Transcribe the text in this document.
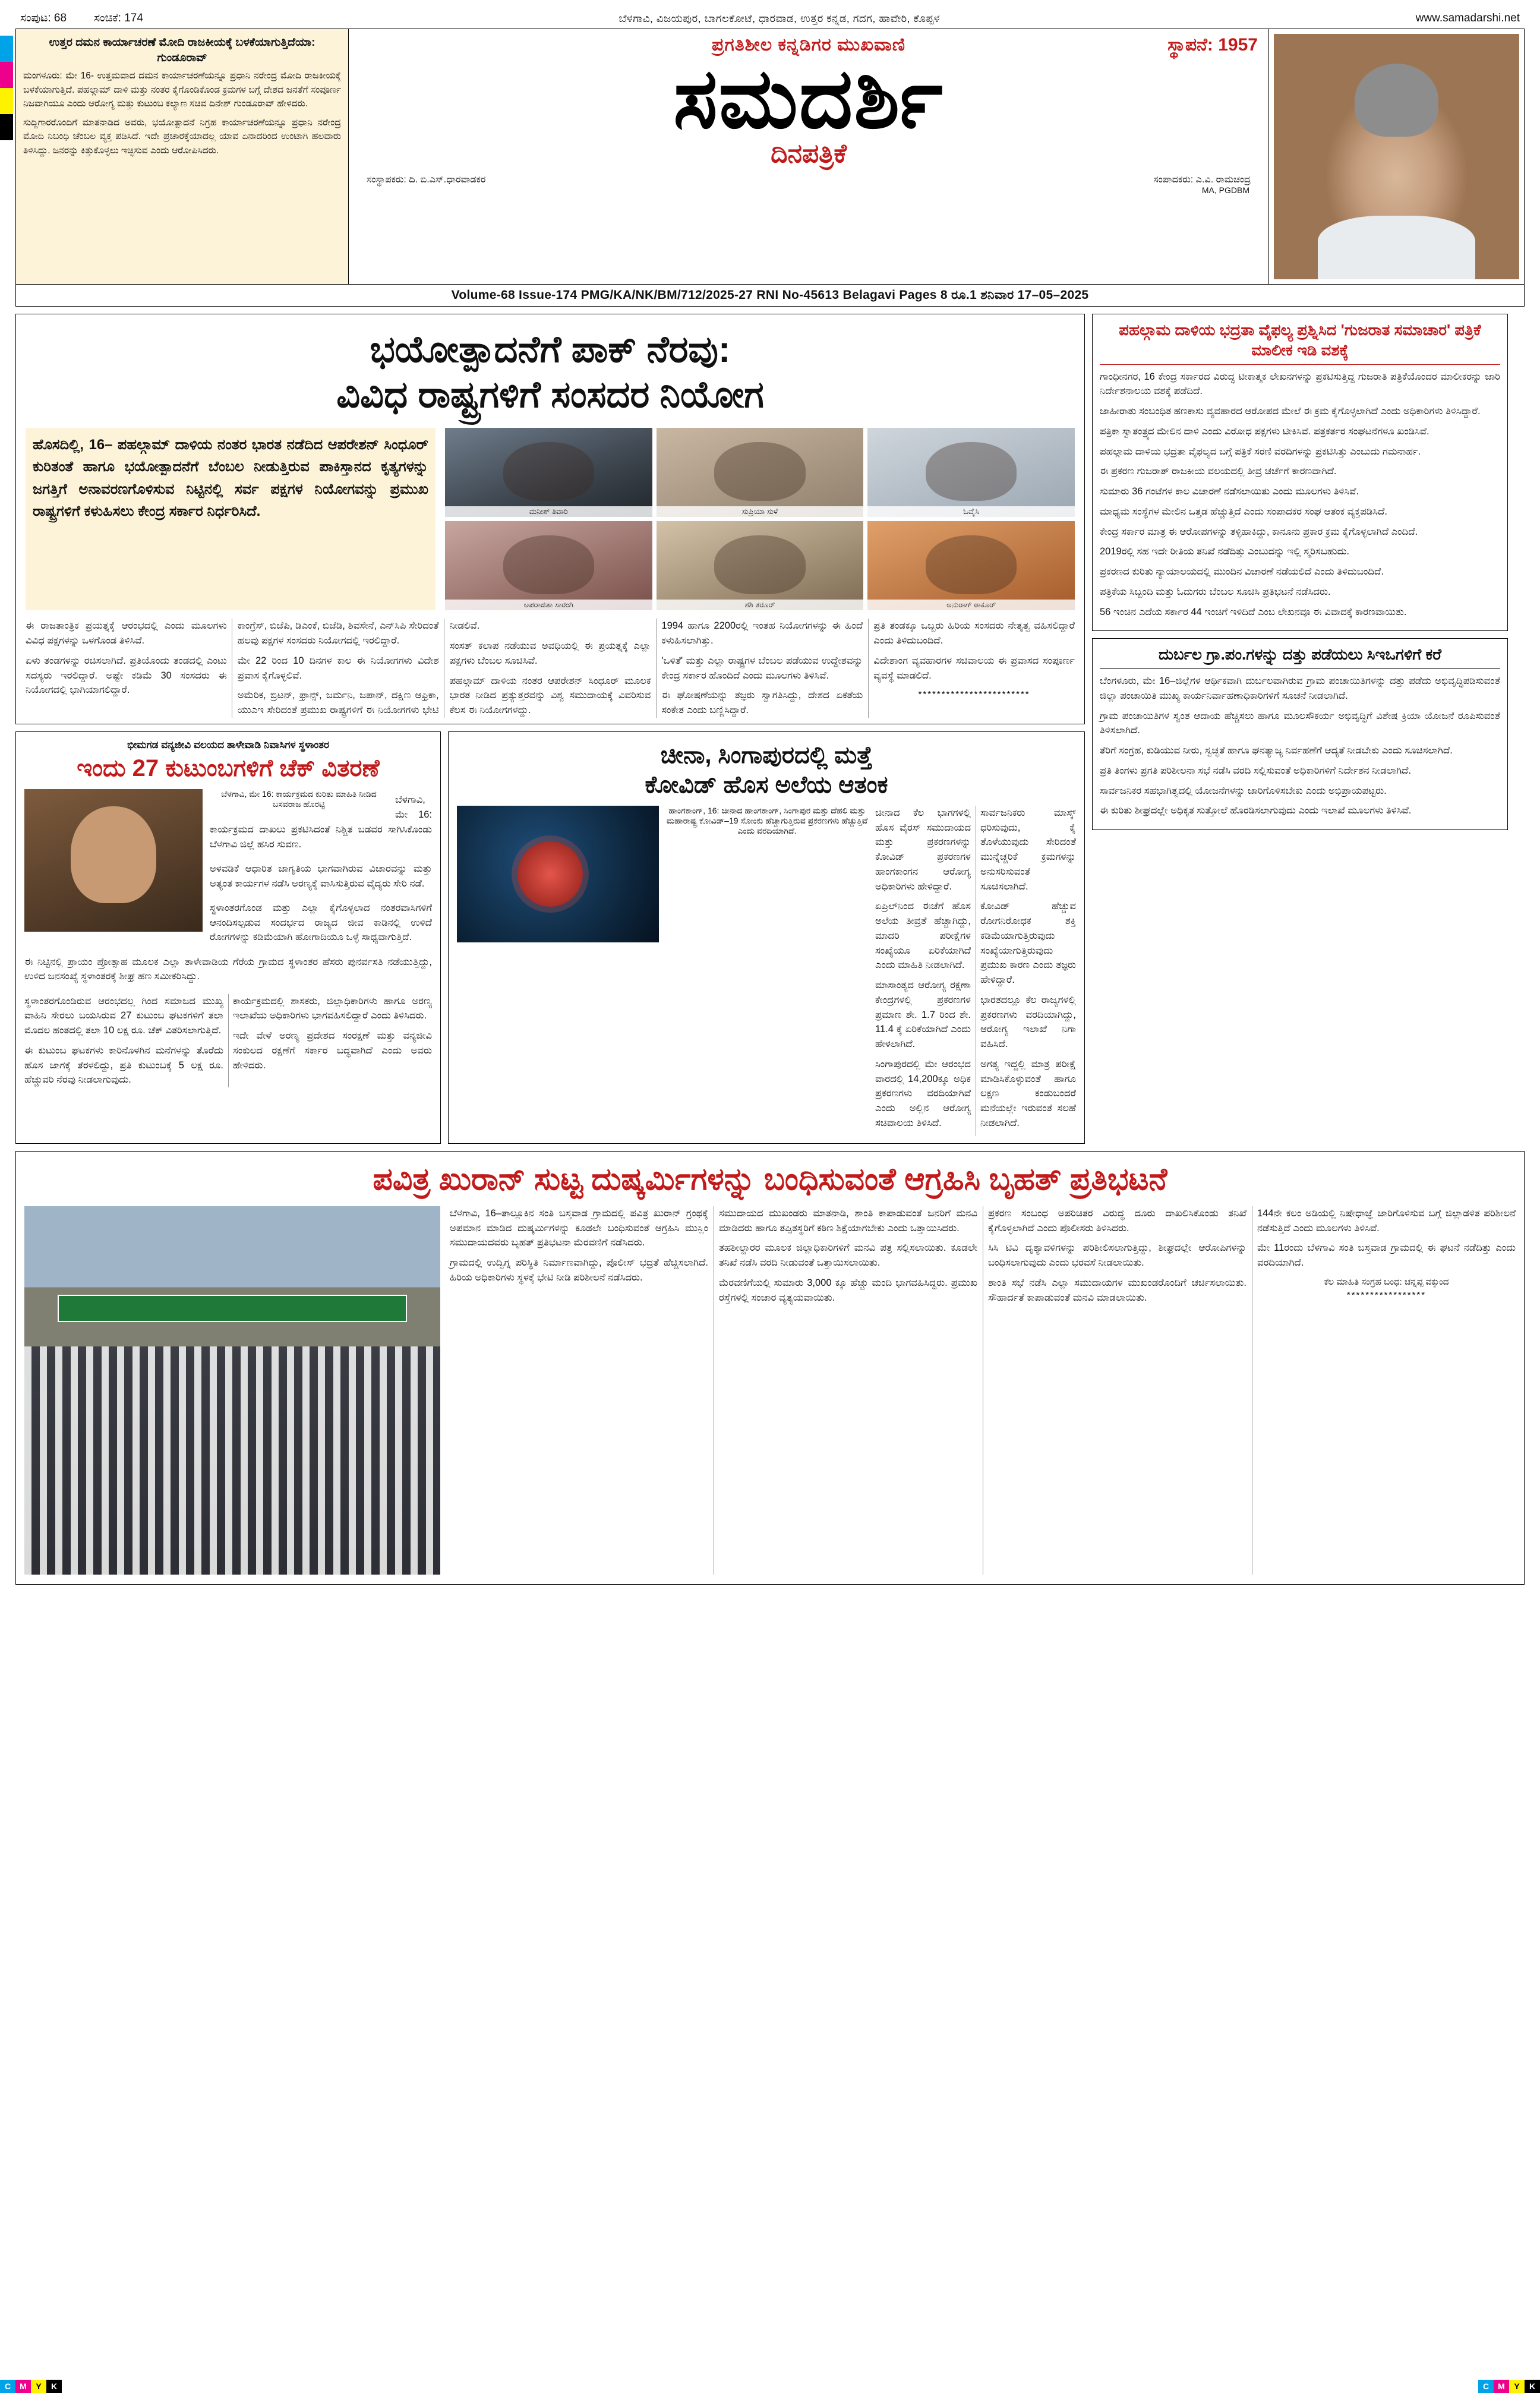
ಸಂಪುಟ: 68 ಸಂಚಿಕೆ: 174	ಬೆಳಗಾವಿ, ವಿಜಯಪುರ, ಬಾಗಲಕೋಟೆ, ಧಾರವಾಡ, ಉತ್ತರ ಕನ್ನಡ, ಗದಗ, ಹಾವೇರಿ, ಕೊಪ್ಪಳ	www.samadarshi.net
ಉತ್ತರ ದಮನ ಕಾರ್ಯಾಚರಣೆ ಮೋದಿ ರಾಜಕೀಯಕ್ಕೆ ಬಳಕೆಯಾಗುತ್ತಿದೆಯಾ: ಗುಂಡೂರಾವ್

ಮಂಗಳೂರು: ಮೇ 16- ಉತ್ತಮವಾದ ದಮನ ಕಾರ್ಯಾಚರಣೆಯನ್ನೂ ಪ್ರಧಾನಿ ನರೇಂದ್ರ ಮೋದಿ ರಾಜಕೀಯಕ್ಕೆ ಬಳಕೆಯಾಗುತ್ತಿದೆ. ಪಹಲ್ಗಾಮ್ ದಾಳಿ ಮತ್ತು ನಂತರ ಕೈಗೊಂಡಿಕೊಂಡ ಕ್ರಮಗಳ ಬಗ್ಗೆ ದೇಶದ ಜನತೆಗೆ ಸಂಪೂರ್ಣ ನಿಜವಾಗಿಯೂ ಎಂದು ಆರೋಗ್ಯ ಮತ್ತು ಕುಟುಂಬ ಕಲ್ಯಾಣ ಸಚಿವ ದಿನೇಶ್ ಗುಂಡೂರಾವ್ ಹೇಳಿದರು.

ಸುದ್ದಿಗಾರರೊಂದಿಗೆ ಮಾತನಾಡಿದ ಅವರು, ಭಯೋತ್ಪಾದನೆ ನಿಗ್ರಹ ಕಾರ್ಯಾಚರಣೆಯನ್ನೂ ಪ್ರಧಾನಿ ನರೇಂದ್ರ ಮೋದಿ ನಿಬಂಧಿ ಚೆಂಬಲ ವ್ಯಕ್ತ ಪಡಿಸಿದೆ. ಇದೇ ಪ್ರಚಾರಕ್ಕೆಯಾದಲ್ಲ ಯಾವ ಏನಾದರಿಂದ ಉಂಟಾಗಿ ಹಲವಾರು ತಿಳಿಸಿದ್ದು. ಜನರನ್ನು ಕಿತ್ತುಕೊಳ್ಳಲು ಇಚ್ಛಿಸುವ ಎಂದು ಆರೋಪಿಸಿದರು.

ಸ್ಥಾಪನೆ: 1957
ಪ್ರಗತಿಶೀಲ ಕನ್ನಡಿಗರ ಮುಖವಾಣಿ
ಸಮದರ್ಶಿ
ದಿನಪತ್ರಿಕೆ
ಸಂಸ್ಥಾಪಕರು: ದಿ. ಬಿ.ಎಸ್.ಧಾರವಾಡಕರ	ಸಂಪಾದಕರು: ಎ.ವಿ. ರಾಮಚಂದ್ರ
MA, PGDBM
Volume-68 Issue-174 PMG/KA/NK/BM/712/2025-27 RNI No-45613 Belagavi Pages 8 ರೂ.1 ಶನಿವಾರ 17–05–2025
ಭಯೋತ್ಪಾದನೆಗೆ ಪಾಕ್ ನೆರವು:
ವಿವಿಧ ರಾಷ್ಟ್ರಗಳಿಗೆ ಸಂಸದರ ನಿಯೋಗ
ಹೊಸದಿಲ್ಲಿ, 16– ಪಹಲ್ಗಾಮ್ ದಾಳಿಯ ನಂತರ ಭಾರತ ನಡೆದಿದ ಆಪರೇಶನ್ ಸಿಂಧೂರ್ ಕುರಿತಂತೆ ಹಾಗೂ ಭಯೋತ್ಪಾದನೆಗೆ ಬೆಂಬಲ ನೀಡುತ್ತಿರುವ ಪಾಕಿಸ್ತಾನದ ಕೃತ್ಯಗಳನ್ನು ಜಗತ್ತಿಗೆ ಅನಾವರಣಗೊಳಿಸುವ ನಿಟ್ಟಿನಲ್ಲಿ ಸರ್ವ ಪಕ್ಷಗಳ ನಿಯೋಗವನ್ನು ಪ್ರಮುಖ ರಾಷ್ಟ್ರಗಳಿಗೆ ಕಳುಹಿಸಲು ಕೇಂದ್ರ ಸರ್ಕಾರ ನಿರ್ಧರಿಸಿದೆ.	ಮನೀಶ್ ತಿವಾರಿ	ಸುಪ್ರಿಯಾ ಸುಳೆ	ಓವೈಸಿ
ಅಪರಾಜಿತಾ ಸಾರಂಗಿ	ಶಶಿ ತರೂರ್	ಅನುರಾಗ್ ಠಾಕೂರ್

ಈ ರಾಜತಾಂತ್ರಿಕ ಪ್ರಯತ್ನಕ್ಕೆ ಆರಂಭದಲ್ಲಿ ಎಂದು ಮೂಲಗಳು ವಿವಿಧ ಪಕ್ಷಗಳನ್ನು ಒಳಗೊಂಡ ತಿಳಿಸಿವೆ.

ಏಳು ತಂಡಗಳನ್ನು ರಚಿಸಲಾಗಿದೆ. ಪ್ರತಿಯೊಂದು ತಂಡದಲ್ಲಿ ಎಂಟು ಸದಸ್ಯರು ಇರಲಿದ್ದಾರೆ. ಅಷ್ಟೇ ಕಡಿಮೆ 30 ಸಂಸದರು ಈ ನಿಯೋಗದಲ್ಲಿ ಭಾಗಿಯಾಗಲಿದ್ದಾರೆ.

ಕಾಂಗ್ರೆಸ್, ಬಿಜೆಪಿ, ಡಿಎಂಕೆ, ಬಿಜೆಡಿ, ಶಿವಸೇನೆ, ಎನ್‌ಸಿಪಿ ಸೇರಿದಂತೆ ಹಲವು ಪಕ್ಷಗಳ ಸಂಸದರು ನಿಯೋಗದಲ್ಲಿ ಇರಲಿದ್ದಾರೆ.

ಮೇ 22 ರಿಂದ 10 ದಿನಗಳ ಕಾಲ ಈ ನಿಯೋಗಗಳು ವಿದೇಶ ಪ್ರವಾಸ ಕೈಗೊಳ್ಳಲಿವೆ.

ಅಮೆರಿಕ, ಬ್ರಿಟನ್, ಫ್ರಾನ್ಸ್, ಜರ್ಮನಿ, ಜಪಾನ್, ದಕ್ಷಿಣ ಆಫ್ರಿಕಾ, ಯುಎಇ ಸೇರಿದಂತೆ ಪ್ರಮುಖ ರಾಷ್ಟ್ರಗಳಿಗೆ ಈ ನಿಯೋಗಗಳು ಭೇಟಿ ನೀಡಲಿವೆ.

ಸಂಸತ್ ಕಲಾಪ ನಡೆಯುವ ಅವಧಿಯಲ್ಲಿ ಈ ಪ್ರಯತ್ನಕ್ಕೆ ಎಲ್ಲಾ ಪಕ್ಷಗಳು ಬೆಂಬಲ ಸೂಚಿಸಿವೆ.

ಪಹಲ್ಗಾಮ್ ದಾಳಿಯ ನಂತರ ಆಪರೇಶನ್ ಸಿಂಧೂರ್ ಮೂಲಕ ಭಾರತ ನೀಡಿದ ಪ್ರತ್ಯುತ್ತರವನ್ನು ವಿಶ್ವ ಸಮುದಾಯಕ್ಕೆ ವಿವರಿಸುವ ಕೆಲಸ ಈ ನಿಯೋಗಗಳದ್ದು.

1994 ಹಾಗೂ 2200ರಲ್ಲಿ ಇಂತಹ ನಿಯೋಗಗಳನ್ನು ಈ ಹಿಂದೆ ಕಳುಹಿಸಲಾಗಿತ್ತು.

'ಒಳಿತೆ' ಮತ್ತು ಎಲ್ಲಾ ರಾಷ್ಟ್ರಗಳ ಬೆಂಬಲ ಪಡೆಯುವ ಉದ್ದೇಶವನ್ನು ಕೇಂದ್ರ ಸರ್ಕಾರ ಹೊಂದಿದೆ ಎಂದು ಮೂಲಗಳು ತಿಳಿಸಿವೆ.

ಈ ಘೋಷಣೆಯನ್ನು ತಜ್ಞರು ಸ್ವಾಗತಿಸಿದ್ದು, ದೇಶದ ಏಕತೆಯ ಸಂಕೇತ ಎಂದು ಬಣ್ಣಿಸಿದ್ದಾರೆ.

ಪ್ರತಿ ತಂಡಕ್ಕೂ ಒಬ್ಬರು ಹಿರಿಯ ಸಂಸದರು ನೇತೃತ್ವ ವಹಿಸಲಿದ್ದಾರೆ ಎಂದು ತಿಳಿದುಬಂದಿದೆ.

ವಿದೇಶಾಂಗ ವ್ಯವಹಾರಗಳ ಸಚಿವಾಲಯ ಈ ಪ್ರವಾಸದ ಸಂಪೂರ್ಣ ವ್ಯವಸ್ಥೆ ಮಾಡಲಿದೆ.

************************
ಭೀಮಗಡ ವನ್ಯಜೀವಿ ವಲಯದ ತಾಳೇವಾಡಿ ನಿವಾಸಿಗಳ ಸ್ಥಳಾಂತರ
ಇಂದು 27 ಕುಟುಂಬಗಳಿಗೆ ಚೆಕ್ ವಿತರಣೆ
ಬೆಳಗಾವಿ, ಮೇ 16: ಕಾರ್ಯಕ್ರಮದ ಕುರಿತು ಮಾಹಿತಿ ನೀಡಿದ ಬಸವರಾಜ ಹೊರಟ್ಟಿ	ಬೆಳಗಾವಿ, ಮೇ 16: ಕಾರ್ಯಕ್ರಮದ ದಾಖಲು ಪ್ರಕಟಿಸಿದಂತೆ ನಿಶ್ಚಿತ ಬಡವರ ಸಾಗಿಸಿಕೊಂಡು ಬೆಳಗಾವಿ ಜಿಲ್ಲೆ ಹಸಿರ ಸುವಣ.

ಅಳವಡಿಕೆ ಆಧಾರಿತ ಜಾಗೃತಿಯ ಭಾಗವಾಗಿರುವ ವಿಚಾರವನ್ನು ಮತ್ತು ಅತ್ಯಂತ ಕಾರ್ಯಗಳ ನಡೆಸಿ ಅರಣ್ಯಕ್ಕೆ ವಾಸಿಸುತ್ತಿರುವ ವೈದ್ಯರು ಸೇರಿ ನಡೆ.

ಸ್ಥಳಾಂತರಗೊಂಡ ಮತ್ತು ಎಲ್ಲಾ ಕೈಗೊಳ್ಳಲಾದ ನಂತರವಾಸಿಗಳಿಗೆ ಆನಂದಿಸಲ್ಪಡುವ ಸಂದರ್ಭದ ರಾಜ್ಯದ ಜೀವ ಕಾಡಿನಲ್ಲಿ ಉಳಿದೆ ರೋಗಗಳನ್ನು ಕಡಿಮೆಯಾಗಿ ಹೋಗಾದಿಯೂ ಒಳ್ಳೆ ಸಾಧ್ಯವಾಗುತ್ತಿದೆ.

ಈ ನಿಟ್ಟಿನಲ್ಲಿ ಪ್ರಾಯಂ ಪ್ರೋತ್ಸಾಹ ಮೂಲಕ ಎಲ್ಲಾ ತಾಳೇವಾಡಿಯ ಗೆರೆಯ ಗ್ರಾಮದ ಸ್ಥಳಾಂತರ ಹೆಸರು ಪುನರ್ವಸತಿ ನಡೆಯುತ್ತಿದ್ದು, ಉಳಿದ ಜನಸಂಖ್ಯೆ ಸ್ಥಳಾಂತರಕ್ಕೆ ಶೀಘ್ರ ಹಣ ಸಮೀಕರಿಸಿದ್ದು.

ಸ್ಥಳಾಂತರಗೊಂಡಿರುವ ಆರಂಭದಲ್ಲ ಗಿಂದ ಸಮಾಜದ ಮುಖ್ಯ ವಾಹಿನಿ ಸೇರಲು ಬಯಸಿರುವ 27 ಕುಟುಂಬ ಘಟಕಗಳಿಗೆ ತಲಾ ಮೊದಲ ಹಂತದಲ್ಲಿ ತಲಾ 10 ಲಕ್ಷ ರೂ. ಚೆಕ್ ವಿತರಿಸಲಾಗುತ್ತಿದೆ.

ಈ ಕುಟುಂಬ ಘಟಕಗಳು ಕಾರಿನೊಳಗಿನ ಮನೆಗಳನ್ನು ತೊರೆದು ಹೊಸ ಜಾಗಕ್ಕೆ ತೆರಳಲಿದ್ದು, ಪ್ರತಿ ಕುಟುಂಬಕ್ಕೆ 5 ಲಕ್ಷ ರೂ. ಹೆಚ್ಚುವರಿ ನೆರವು ನೀಡಲಾಗುವುದು.

ಕಾರ್ಯಕ್ರಮದಲ್ಲಿ ಶಾಸಕರು, ಜಿಲ್ಲಾಧಿಕಾರಿಗಳು ಹಾಗೂ ಅರಣ್ಯ ಇಲಾಖೆಯ ಅಧಿಕಾರಿಗಳು ಭಾಗವಹಿಸಲಿದ್ದಾರೆ ಎಂದು ತಿಳಿಸಿದರು.

ಇದೇ ವೇಳೆ ಅರಣ್ಯ ಪ್ರದೇಶದ ಸಂರಕ್ಷಣೆ ಮತ್ತು ವನ್ಯಜೀವಿ ಸಂಕುಲದ ರಕ್ಷಣೆಗೆ ಸರ್ಕಾರ ಬದ್ಧವಾಗಿದೆ ಎಂದು ಅವರು ಹೇಳಿದರು.

ಚೀನಾ, ಸಿಂಗಾಪುರದಲ್ಲಿ ಮತ್ತೆ
ಕೋವಿಡ್ ಹೊಸ ಅಲೆಯ ಆತಂಕ
ಹಾಂಗಕಾಂಗ್, 16: ಚೀನಾದ ಹಾಂಗಕಾಂಗ್, ಸಿಂಗಾಪುರ ಮತ್ತು ದೆಹಲಿ ಮತ್ತು ಮಹಾರಾಷ್ಟ್ರ ಕೋವಿಡ್–19 ಸೋಂಕು ಹೆಚ್ಚಾಗುತ್ತಿರುವ ಪ್ರಕರಣಗಳು ಹೆಚ್ಚುತ್ತಿವೆ ಎಂದು ವರದಿಯಾಗಿದೆ.

ಚೀನಾದ ಕೆಲ ಭಾಗಗಳಲ್ಲಿ ಹೊಸ ವೈರಸ್‌ ಸಮುದಾಯದ ಮತ್ತು ಪ್ರಕರಣಗಳನ್ನು ಕೋವಿಡ್ ಪ್ರಕರಣಗಳ ಹಾಂಗಕಾಂಗನ ಆರೋಗ್ಯ ಅಧಿಕಾರಿಗಳು ಹೇಳಿದ್ದಾರೆ.

ಏಪ್ರಿಲ್‌ನಿಂದ ಈಚೆಗೆ ಹೊಸ ಅಲೆಯ ತೀವ್ರತೆ ಹೆಚ್ಚಾಗಿದ್ದು, ಮಾದರಿ ಪರೀಕ್ಷೆಗಳ ಸಂಖ್ಯೆಯೂ ಏರಿಕೆಯಾಗಿದೆ ಎಂದು ಮಾಹಿತಿ ನೀಡಲಾಗಿದೆ.

ಮಾಸಾಂತ್ಯದ ಆರೋಗ್ಯ ರಕ್ಷಣಾ ಕೇಂದ್ರಗಳಲ್ಲಿ ಪ್ರಕರಣಗಳ ಪ್ರಮಾಣ ಶೇ. 1.7 ರಿಂದ ಶೇ. 11.4 ಕ್ಕೆ ಏರಿಕೆಯಾಗಿದೆ ಎಂದು ಹೇಳಲಾಗಿದೆ.

ಸಿಂಗಾಪುರದಲ್ಲಿ ಮೇ ಆರಂಭದ ವಾರದಲ್ಲಿ 14,200ಕ್ಕೂ ಅಧಿಕ ಪ್ರಕರಣಗಳು ವರದಿಯಾಗಿವೆ ಎಂದು ಅಲ್ಲಿನ ಆರೋಗ್ಯ ಸಚಿವಾಲಯ ತಿಳಿಸಿದೆ.

ಸಾರ್ವಜನಿಕರು ಮಾಸ್ಕ್ ಧರಿಸುವುದು, ಕೈ ತೊಳೆಯುವುದು ಸೇರಿದಂತೆ ಮುನ್ನೆಚ್ಚರಿಕೆ ಕ್ರಮಗಳನ್ನು ಅನುಸರಿಸುವಂತೆ ಸೂಚಿಸಲಾಗಿದೆ.

ಕೋವಿಡ್ ಹೆಚ್ಚುವ ರೋಗನಿರೋಧಕ ಶಕ್ತಿ ಕಡಿಮೆಯಾಗುತ್ತಿರುವುದು ಸಂಖ್ಯೆಯಾಗುತ್ತಿರುವುದು ಪ್ರಮುಖ ಕಾರಣ ಎಂದು ತಜ್ಞರು ಹೇಳಿದ್ದಾರೆ.

ಭಾರತದಲ್ಲೂ ಕೆಲ ರಾಜ್ಯಗಳಲ್ಲಿ ಪ್ರಕರಣಗಳು ವರದಿಯಾಗಿದ್ದು, ಆರೋಗ್ಯ ಇಲಾಖೆ ನಿಗಾ ವಹಿಸಿದೆ.

ಅಗತ್ಯ ಇದ್ದಲ್ಲಿ ಮಾತ್ರ ಪರೀಕ್ಷೆ ಮಾಡಿಸಿಕೊಳ್ಳುವಂತೆ ಹಾಗೂ ಲಕ್ಷಣ ಕಂಡುಬಂದರೆ ಮನೆಯಲ್ಲೇ ಇರುವಂತೆ ಸಲಹೆ ನೀಡಲಾಗಿದೆ.

ಪಹಲ್ಗಾಮ ದಾಳಿಯ ಭದ್ರತಾ ವೈಫಲ್ಯ ಪ್ರಶ್ನಿಸಿದ 'ಗುಜರಾತ ಸಮಾಚಾರ' ಪತ್ರಿಕೆ ಮಾಲೀಕ ಇಡಿ ವಶಕ್ಕೆ

ಗಾಂಧೀನಗರ, 16 ಕೇಂದ್ರ ಸರ್ಕಾರದ ವಿರುದ್ಧ ಟೀಕಾತ್ಮಕ ಲೇಖನಗಳನ್ನು ಪ್ರಕಟಿಸುತ್ತಿದ್ದ ಗುಜರಾತಿ ಪತ್ರಿಕೆಯೊಂದರ ಮಾಲೀಕರನ್ನು ಜಾರಿ ನಿರ್ದೇಶನಾಲಯ ವಶಕ್ಕೆ ಪಡೆದಿದೆ.

ಜಾಹೀರಾತು ಸಂಬಂಧಿತ ಹಣಕಾಸು ವ್ಯವಹಾರದ ಆರೋಪದ ಮೇಲೆ ಈ ಕ್ರಮ ಕೈಗೊಳ್ಳಲಾಗಿದೆ ಎಂದು ಅಧಿಕಾರಿಗಳು ತಿಳಿಸಿದ್ದಾರೆ.

ಪತ್ರಿಕಾ ಸ್ವಾತಂತ್ರ್ಯದ ಮೇಲಿನ ದಾಳಿ ಎಂದು ವಿರೋಧ ಪಕ್ಷಗಳು ಟೀಕಿಸಿವೆ. ಪತ್ರಕರ್ತರ ಸಂಘಟನೆಗಳೂ ಖಂಡಿಸಿವೆ.

ಪಹಲ್ಗಾಮ ದಾಳಿಯ ಭದ್ರತಾ ವೈಫಲ್ಯದ ಬಗ್ಗೆ ಪತ್ರಿಕೆ ಸರಣಿ ವರದಿಗಳನ್ನು ಪ್ರಕಟಿಸಿತ್ತು ಎಂಬುದು ಗಮನಾರ್ಹ.

ಈ ಪ್ರಕರಣ ಗುಜರಾತ್ ರಾಜಕೀಯ ವಲಯದಲ್ಲಿ ತೀವ್ರ ಚರ್ಚೆಗೆ ಕಾರಣವಾಗಿದೆ.

ಸುಮಾರು 36 ಗಂಟೆಗಳ ಕಾಲ ವಿಚಾರಣೆ ನಡೆಸಲಾಯಿತು ಎಂದು ಮೂಲಗಳು ತಿಳಿಸಿವೆ.

ಮಾಧ್ಯಮ ಸಂಸ್ಥೆಗಳ ಮೇಲಿನ ಒತ್ತಡ ಹೆಚ್ಚುತ್ತಿದೆ ಎಂದು ಸಂಪಾದಕರ ಸಂಘ ಆತಂಕ ವ್ಯಕ್ತಪಡಿಸಿದೆ.

ಕೇಂದ್ರ ಸರ್ಕಾರ ಮಾತ್ರ ಈ ಆರೋಪಗಳನ್ನು ತಳ್ಳಿಹಾಕಿದ್ದು, ಕಾನೂನು ಪ್ರಕಾರ ಕ್ರಮ ಕೈಗೊಳ್ಳಲಾಗಿದೆ ಎಂದಿದೆ.

2019ರಲ್ಲಿ ಸಹ ಇದೇ ರೀತಿಯ ತನಿಖೆ ನಡೆದಿತ್ತು ಎಂಬುದನ್ನು ಇಲ್ಲಿ ಸ್ಮರಿಸಬಹುದು.

ಪ್ರಕರಣದ ಕುರಿತು ನ್ಯಾಯಾಲಯದಲ್ಲಿ ಮುಂದಿನ ವಿಚಾರಣೆ ನಡೆಯಲಿದೆ ಎಂದು ತಿಳಿದುಬಂದಿದೆ.

ಪತ್ರಿಕೆಯ ಸಿಬ್ಬಂದಿ ಮತ್ತು ಓದುಗರು ಬೆಂಬಲ ಸೂಚಿಸಿ ಪ್ರತಿಭಟನೆ ನಡೆಸಿದರು.

56 ಇಂಚಿನ ಎದೆಯ ಸರ್ಕಾರ 44 ಇಂಚಿಗೆ ಇಳಿದಿದೆ ಎಂಬ ಲೇಖನವೂ ಈ ವಿವಾದಕ್ಕೆ ಕಾರಣವಾಯಿತು.

ದುರ್ಬಲ ಗ್ರಾ.ಪಂ.ಗಳನ್ನು ದತ್ತು ಪಡೆಯಲು ಸಿಇಒಗಳಿಗೆ ಕರೆ

ಬೆಂಗಳೂರು, ಮೇ 16–ಜಿಲ್ಲೆಗಳ ಆರ್ಥಿಕವಾಗಿ ದುರ್ಬಲವಾಗಿರುವ ಗ್ರಾಮ ಪಂಚಾಯಿತಿಗಳನ್ನು ದತ್ತು ಪಡೆದು ಅಭಿವೃದ್ಧಿಪಡಿಸುವಂತೆ ಜಿಲ್ಲಾ ಪಂಚಾಯಿತಿ ಮುಖ್ಯ ಕಾರ್ಯನಿರ್ವಾಹಣಾಧಿಕಾರಿಗಳಿಗೆ ಸೂಚನೆ ನೀಡಲಾಗಿದೆ.

ಗ್ರಾಮ ಪಂಚಾಯಿತಿಗಳ ಸ್ವಂತ ಆದಾಯ ಹೆಚ್ಚಿಸಲು ಹಾಗೂ ಮೂಲಸೌಕರ್ಯ ಅಭಿವೃದ್ಧಿಗೆ ವಿಶೇಷ ಕ್ರಿಯಾ ಯೋಜನೆ ರೂಪಿಸುವಂತೆ ತಿಳಿಸಲಾಗಿದೆ.

ತೆರಿಗೆ ಸಂಗ್ರಹ, ಕುಡಿಯುವ ನೀರು, ಸ್ವಚ್ಛತೆ ಹಾಗೂ ಘನತ್ಯಾಜ್ಯ ನಿರ್ವಹಣೆಗೆ ಆದ್ಯತೆ ನೀಡಬೇಕು ಎಂದು ಸೂಚಿಸಲಾಗಿದೆ.

ಪ್ರತಿ ತಿಂಗಳು ಪ್ರಗತಿ ಪರಿಶೀಲನಾ ಸಭೆ ನಡೆಸಿ ವರದಿ ಸಲ್ಲಿಸುವಂತೆ ಅಧಿಕಾರಿಗಳಿಗೆ ನಿರ್ದೇಶನ ನೀಡಲಾಗಿದೆ.

ಸಾರ್ವಜನಿಕರ ಸಹಭಾಗಿತ್ವದಲ್ಲಿ ಯೋಜನೆಗಳನ್ನು ಜಾರಿಗೊಳಿಸಬೇಕು ಎಂದು ಅಭಿಪ್ರಾಯಪಟ್ಟರು.

ಈ ಕುರಿತು ಶೀಘ್ರದಲ್ಲೇ ಅಧಿಕೃತ ಸುತ್ತೋಲೆ ಹೊರಡಿಸಲಾಗುವುದು ಎಂದು ಇಲಾಖೆ ಮೂಲಗಳು ತಿಳಿಸಿವೆ.

ಪವಿತ್ರ ಖುರಾನ್ ಸುಟ್ಟ ದುಷ್ಕರ್ಮಿಗಳನ್ನು ಬಂಧಿಸುವಂತೆ ಆಗ್ರಹಿಸಿ ಬೃಹತ್ ಪ್ರತಿಭಟನೆ

ಬೆಳಗಾವಿ, 16–ತಾಲ್ಲೂಕಿನ ಸಂತಿ ಬಸ್ತವಾಡ ಗ್ರಾಮದಲ್ಲಿ ಪವಿತ್ರ ಖುರಾನ್ ಗ್ರಂಥಕ್ಕೆ ಅಪಮಾನ ಮಾಡಿದ ದುಷ್ಕರ್ಮಿಗಳನ್ನು ಕೂಡಲೇ ಬಂಧಿಸುವಂತೆ ಆಗ್ರಹಿಸಿ ಮುಸ್ಲಿಂ ಸಮುದಾಯದವರು ಬೃಹತ್ ಪ್ರತಿಭಟನಾ ಮೆರವಣಿಗೆ ನಡೆಸಿದರು.

ಗ್ರಾಮದಲ್ಲಿ ಉದ್ವಿಗ್ನ ಪರಿಸ್ಥಿತಿ ನಿರ್ಮಾಣವಾಗಿದ್ದು, ಪೊಲೀಸ್ ಭದ್ರತೆ ಹೆಚ್ಚಿಸಲಾಗಿದೆ. ಹಿರಿಯ ಅಧಿಕಾರಿಗಳು ಸ್ಥಳಕ್ಕೆ ಭೇಟಿ ನೀಡಿ ಪರಿಶೀಲನೆ ನಡೆಸಿದರು.

ಸಮುದಾಯದ ಮುಖಂಡರು ಮಾತನಾಡಿ, ಶಾಂತಿ ಕಾಪಾಡುವಂತೆ ಜನರಿಗೆ ಮನವಿ ಮಾಡಿದರು ಹಾಗೂ ತಪ್ಪಿತಸ್ಥರಿಗೆ ಕಠಿಣ ಶಿಕ್ಷೆಯಾಗಬೇಕು ಎಂದು ಒತ್ತಾಯಿಸಿದರು.

ತಹಶೀಲ್ದಾರರ ಮೂಲಕ ಜಿಲ್ಲಾಧಿಕಾರಿಗಳಿಗೆ ಮನವಿ ಪತ್ರ ಸಲ್ಲಿಸಲಾಯಿತು. ಕೂಡಲೇ ತನಿಖೆ ನಡೆಸಿ ವರದಿ ನೀಡುವಂತೆ ಒತ್ತಾಯಿಸಲಾಯಿತು.

ಮೆರವಣಿಗೆಯಲ್ಲಿ ಸುಮಾರು 3,000 ಕ್ಕೂ ಹೆಚ್ಚು ಮಂದಿ ಭಾಗವಹಿಸಿದ್ದರು. ಪ್ರಮುಖ ರಸ್ತೆಗಳಲ್ಲಿ ಸಂಚಾರ ವ್ಯತ್ಯಯವಾಯಿತು.

ಪ್ರಕರಣ ಸಂಬಂಧ ಅಪರಿಚಿತರ ವಿರುದ್ಧ ದೂರು ದಾಖಲಿಸಿಕೊಂಡು ತನಿಖೆ ಕೈಗೊಳ್ಳಲಾಗಿದೆ ಎಂದು ಪೊಲೀಸರು ತಿಳಿಸಿದರು.

ಸಿಸಿ ಟಿವಿ ದೃಶ್ಯಾವಳಿಗಳನ್ನು ಪರಿಶೀಲಿಸಲಾಗುತ್ತಿದ್ದು, ಶೀಘ್ರದಲ್ಲೇ ಆರೋಪಿಗಳನ್ನು ಬಂಧಿಸಲಾಗುವುದು ಎಂದು ಭರವಸೆ ನೀಡಲಾಯಿತು.

ಶಾಂತಿ ಸಭೆ ನಡೆಸಿ ಎಲ್ಲಾ ಸಮುದಾಯಗಳ ಮುಖಂಡರೊಂದಿಗೆ ಚರ್ಚಿಸಲಾಯಿತು. ಸೌಹಾರ್ದತೆ ಕಾಪಾಡುವಂತೆ ಮನವಿ ಮಾಡಲಾಯಿತು.

144ನೇ ಕಲಂ ಅಡಿಯಲ್ಲಿ ನಿಷೇಧಾಜ್ಞೆ ಜಾರಿಗೊಳಿಸುವ ಬಗ್ಗೆ ಜಿಲ್ಲಾಡಳಿತ ಪರಿಶೀಲನೆ ನಡೆಸುತ್ತಿದೆ ಎಂದು ಮೂಲಗಳು ತಿಳಿಸಿವೆ.

ಮೇ 11ರಂದು ಬೆಳಗಾವಿ ಸಂತಿ ಬಸ್ತವಾಡ ಗ್ರಾಮದಲ್ಲಿ ಈ ಘಟನೆ ನಡೆದಿತ್ತು ಎಂದು ವರದಿಯಾಗಿದೆ.

ಕೆಲ ಮಾಹಿತಿ ಸಂಗ್ರಹ ಬಂಧ: ಚನ್ನಪ್ಪ ವಕ್ಕುಂದ
*****************
C	M	Y	K	C	M	Y	K
